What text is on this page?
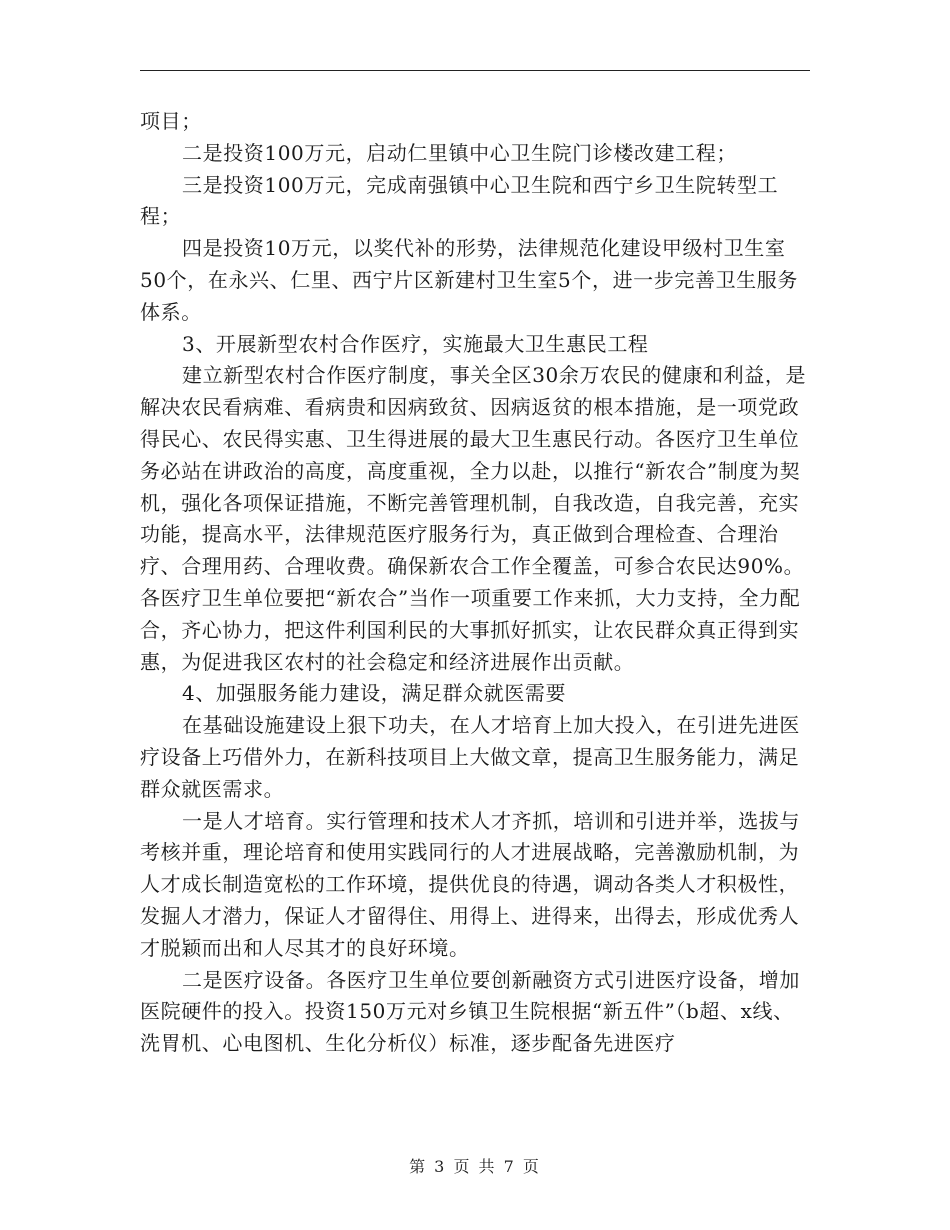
项目；

二是投资100万元，启动仁里镇中心卫生院门诊楼改建工程；

三是投资100万元，完成南强镇中心卫生院和西宁乡卫生院转型工程；

四是投资10万元，以奖代补的形势，法律规范化建设甲级村卫生室50个，在永兴、仁里、西宁片区新建村卫生室5个，进一步完善卫生服务体系。

3、开展新型农村合作医疗，实施最大卫生惠民工程

建立新型农村合作医疗制度，事关全区30余万农民的健康和利益，是解决农民看病难、看病贵和因病致贫、因病返贫的根本措施，是一项党政得民心、农民得实惠、卫生得进展的最大卫生惠民行动。各医疗卫生单位务必站在讲政治的高度，高度重视，全力以赴，以推行“新农合”制度为契机，强化各项保证措施，不断完善管理机制，自我改造，自我完善，充实功能，提高水平，法律规范医疗服务行为，真正做到合理检查、合理治疗、合理用药、合理收费。确保新农合工作全覆盖，可参合农民达90%。各医疗卫生单位要把“新农合”当作一项重要工作来抓，大力支持，全力配合，齐心协力，把这件利国利民的大事抓好抓实，让农民群众真正得到实惠，为促进我区农村的社会稳定和经济进展作出贡献。

4、加强服务能力建设，满足群众就医需要

在基础设施建设上狠下功夫，在人才培育上加大投入，在引进先进医疗设备上巧借外力，在新科技项目上大做文章，提高卫生服务能力，满足群众就医需求。

一是人才培育。实行管理和技术人才齐抓，培训和引进并举，选拔与考核并重，理论培育和使用实践同行的人才进展战略，完善激励机制，为人才成长制造宽松的工作环境，提供优良的待遇，调动各类人才积极性，发掘人才潜力，保证人才留得住、用得上、进得来，出得去，形成优秀人才脱颖而出和人尽其才的良好环境。

二是医疗设备。各医疗卫生单位要创新融资方式引进医疗设备，增加医院硬件的投入。投资150万元对乡镇卫生院根据“新五件”（b超、x线、洗胃机、心电图机、生化分析仪）标准，逐步配备先进医疗

第 3 页 共 7 页
